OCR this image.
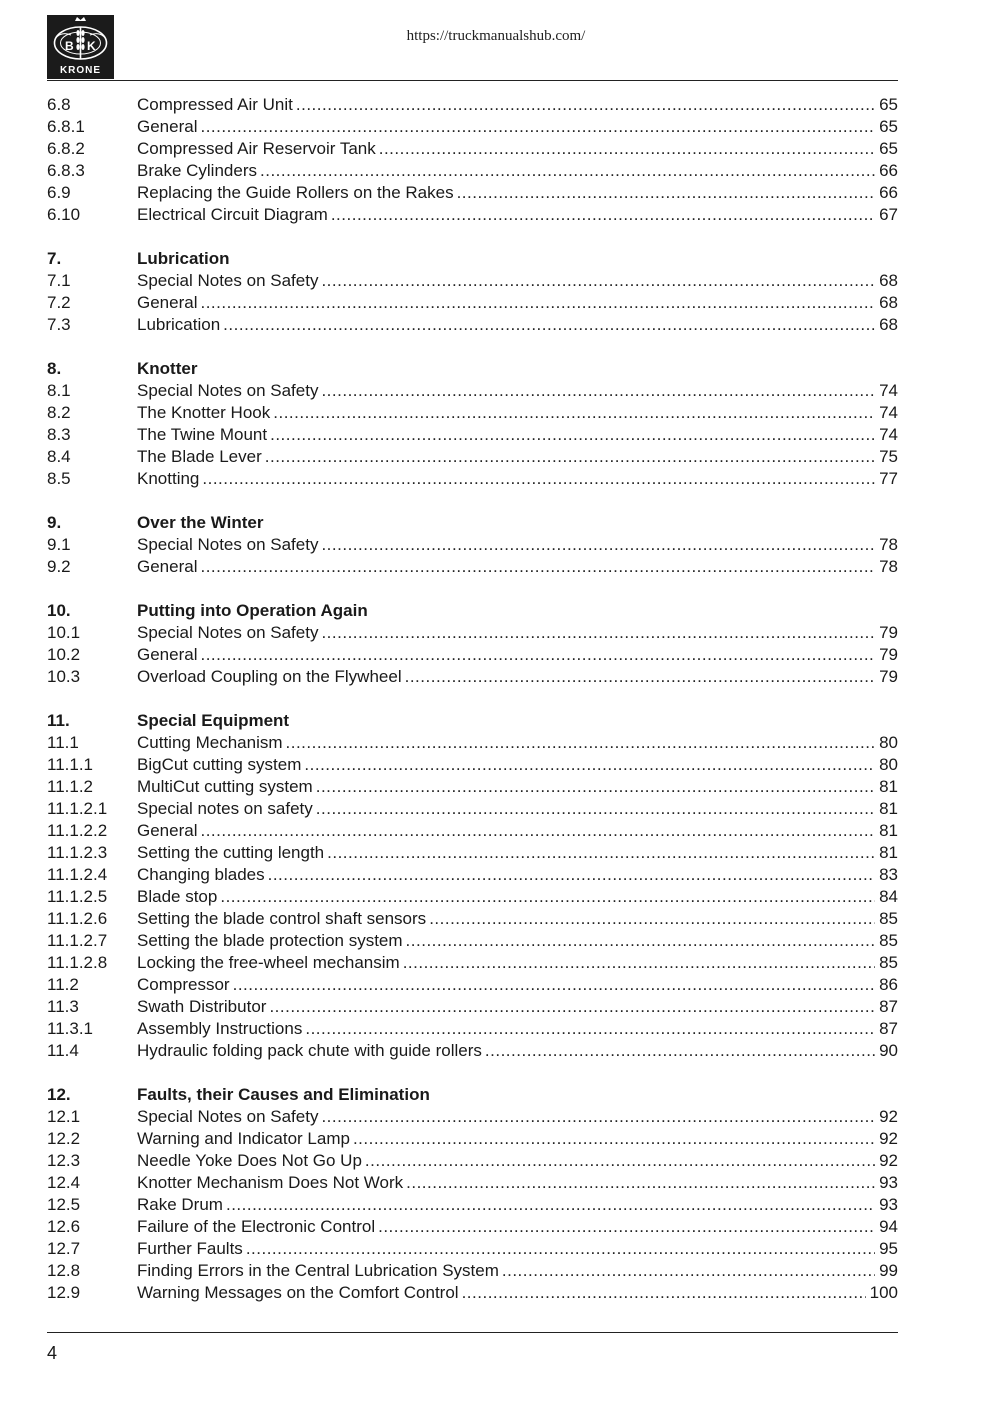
B K
KRONE
https://truckmanualshub.com/
6.8	Compressed Air Unit .....	65
6.8.1	General .....	65
6.8.2	Compressed Air Reservoir Tank .....	65
6.8.3	Brake Cylinders .....	66
6.9	Replacing the Guide Rollers on the Rakes .....	66
6.10	Electrical Circuit Diagram .....	67
7.	Lubrication
7.1	Special Notes on Safety .....	68
7.2	General .....	68
7.3	Lubrication .....	68
8.	Knotter
8.1	Special Notes on Safety .....	74
8.2	The Knotter Hook .....	74
8.3	The Twine Mount .....	74
8.4	The Blade Lever .....	75
8.5	Knotting .....	77
9.	Over the Winter
9.1	Special Notes on Safety .....	78
9.2	General .....	78
10.	Putting into Operation Again
10.1	Special Notes on Safety .....	79
10.2	General .....	79
10.3	Overload Coupling on the Flywheel .....	79
11.	Special Equipment
11.1	Cutting Mechanism .....	80
11.1.1	BigCut cutting system .....	80
11.1.2	MultiCut cutting system .....	81
11.1.2.1 Special notes on safety .....	81
11.1.2.2 General .....	81
11.1.2.3 Setting the cutting length .....	81
11.1.2.4 Changing blades .....	83
11.1.2.5 Blade stop .....	84
11.1.2.6 Setting the blade control shaft sensors .....	85
11.1.2.7 Setting the blade protection system .....	85
11.1.2.8 Locking the free-wheel mechansim .....	85
11.2	Compressor .....	86
11.3	Swath Distributor .....	87
11.3.1	Assembly Instructions .....	87
11.4	Hydraulic folding pack chute with guide rollers .....	90
12.	Faults, their Causes and Elimination
12.1	Special Notes on Safety .....	92
12.2	Warning and Indicator Lamp .....	92
12.3	Needle Yoke Does Not Go Up .....	92
12.4	Knotter Mechanism Does Not Work .....	93
12.5	Rake Drum .....	93
12.6	Failure of the Electronic Control .....	94
12.7	Further Faults .....	95
12.8	Finding Errors in the Central Lubrication System .....	99
12.9	Warning Messages on the Comfort Control .....	100
4
